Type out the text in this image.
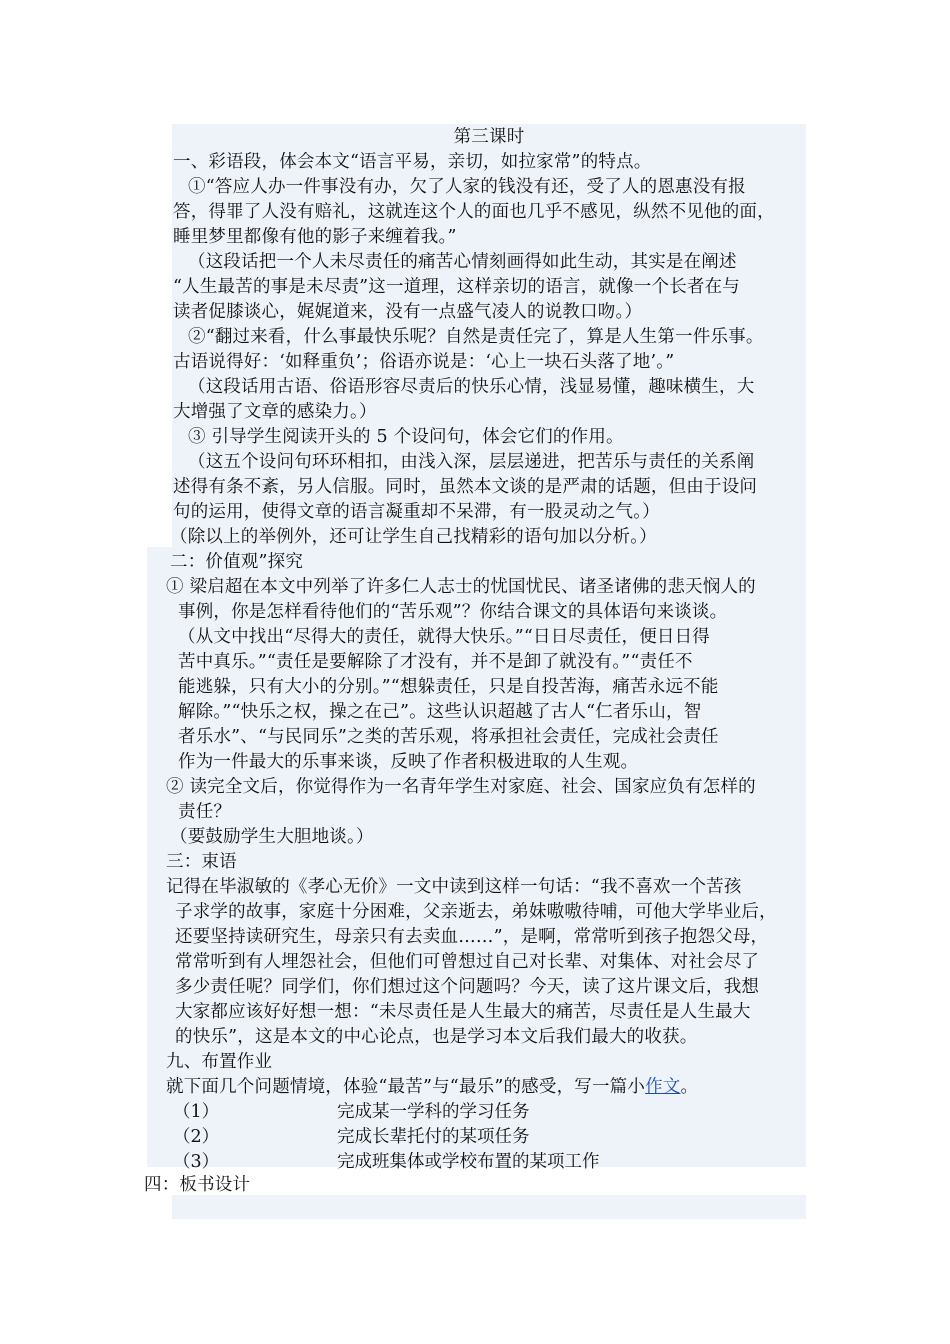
第三课时
一、彩语段，体会本文“语言平易，亲切，如拉家常”的特点。
①“答应人办一件事没有办，欠了人家的钱没有还，受了人的恩惠没有报
答，得罪了人没有赔礼，这就连这个人的面也几乎不感见，纵然不见他的面，
睡里梦里都像有他的影子来缠着我。”
（这段话把一个人未尽责任的痛苦心情刻画得如此生动，其实是在阐述
“人生最苦的事是未尽责”这一道理，这样亲切的语言，就像一个长者在与
读者促膝谈心，娓娓道来，没有一点盛气凌人的说教口吻。）
②“翻过来看，什么事最快乐呢？自然是责任完了，算是人生第一件乐事。
古语说得好：‘如释重负’；俗语亦说是：‘心上一块石头落了地’。”
（这段话用古语、俗语形容尽责后的快乐心情，浅显易懂，趣味横生，大
大增强了文章的感染力。）
③ 引导学生阅读开头的 5 个设问句，体会它们的作用。
（这五个设问句环环相扣，由浅入深，层层递进，把苦乐与责任的关系阐
述得有条不紊，另人信服。同时，虽然本文谈的是严肃的话题，但由于设问
句的运用，使得文章的语言凝重却不呆滞，有一股灵动之气。）
（除以上的举例外，还可让学生自己找精彩的语句加以分析。）
二：价值观”探究
① 梁启超在本文中列举了许多仁人志士的忧国忧民、诸圣诸佛的悲天悯人的
事例，你是怎样看待他们的“苦乐观”？你结合课文的具体语句来谈谈。
（从文中找出“尽得大的责任，就得大快乐。”“日日尽责任，便日日得
苦中真乐。”“责任是要解除了才没有，并不是卸了就没有。”“责任不
能逃躲，只有大小的分别。”“想躲责任，只是自投苦海，痛苦永远不能
解除。”“快乐之权，操之在己”。这些认识超越了古人“仁者乐山，智
者乐水”、“与民同乐”之类的苦乐观，将承担社会责任，完成社会责任
作为一件最大的乐事来谈，反映了作者积极进取的人生观。
② 读完全文后，你觉得作为一名青年学生对家庭、社会、国家应负有怎样的
责任？
（要鼓励学生大胆地谈。）
三：束语
记得在毕淑敏的《孝心无价》一文中读到这样一句话：“我不喜欢一个苦孩
子求学的故事，家庭十分困难，父亲逝去，弟妹嗷嗷待哺，可他大学毕业后，
还要坚持读研究生，母亲只有去卖血……”，是啊，常常听到孩子抱怨父母，
常常听到有人埋怨社会，但他们可曾想过自己对长辈、对集体、对社会尽了
多少责任呢？同学们，你们想过这个问题吗？今天，读了这片课文后，我想
大家都应该好好想一想：“未尽责任是人生最大的痛苦，尽责任是人生最大
的快乐”，这是本文的中心论点，也是学习本文后我们最大的收获。
九、布置作业
就下面几个问题情境，体验“最苦”与“最乐”的感受，写一篇小作文。
（1）	完成某一学科的学习任务
（2）	完成长辈托付的某项任务
（3）	完成班集体或学校布置的某项工作
四：板书设计
